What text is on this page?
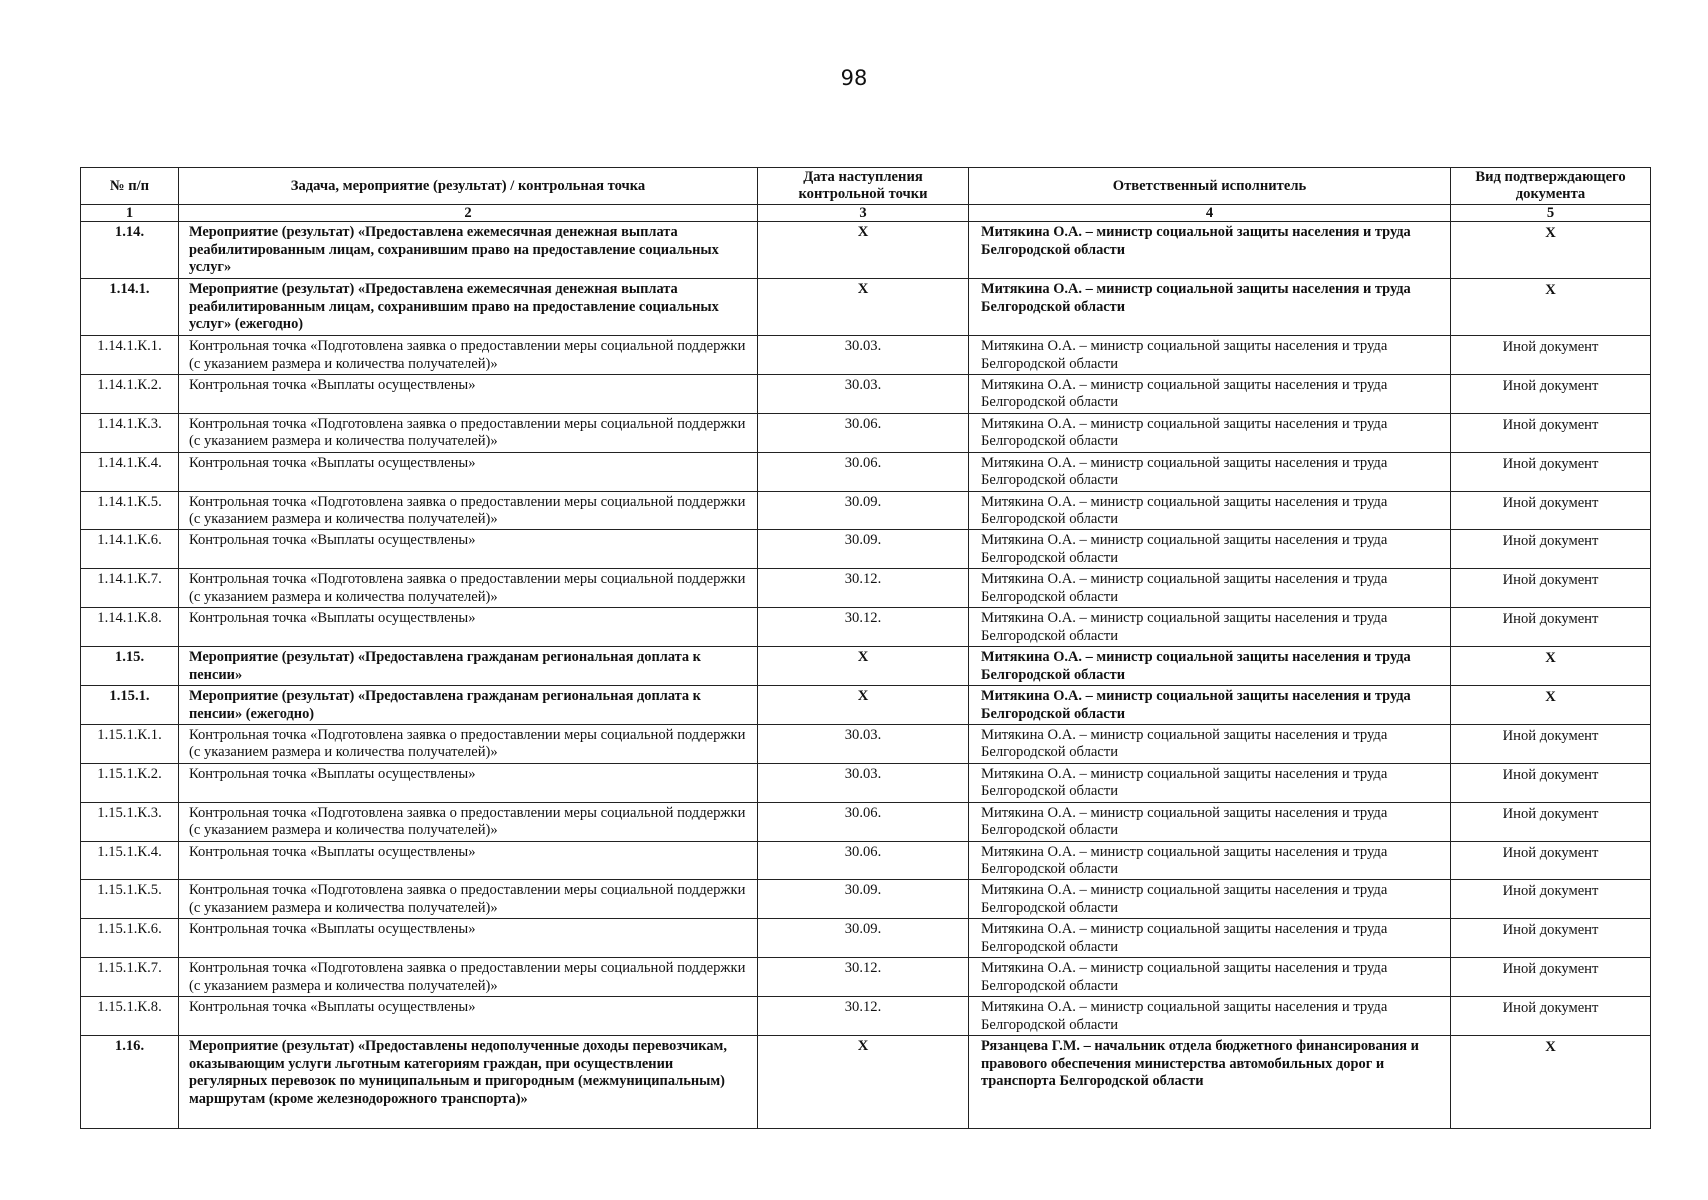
98
№ п/п	Задача, мероприятие (результат) / контрольная точка	Дата наступления контрольной точки	Ответственный исполнитель	Вид подтверждающего документа
1	2	3	4	5
1.14.	Мероприятие (результат) «Предоставлена ежемесячная денежная выплата реабилитированным лицам, сохранившим право на предоставление социальных услуг»	X	Митякина О.А. – министр социальной защиты населения и труда Белгородской области	X
1.14.1.	Мероприятие (результат) «Предоставлена ежемесячная денежная выплата реабилитированным лицам, сохранившим право на предоставление социальных услуг» (ежегодно)	X	Митякина О.А. – министр социальной защиты населения и труда Белгородской области	X
1.14.1.К.1.	Контрольная точка «Подготовлена заявка о предоставлении меры социальной поддержки (с указанием размера и количества получателей)»	30.03.	Митякина О.А. – министр социальной защиты населения и труда Белгородской области	Иной документ
1.14.1.К.2.	Контрольная точка «Выплаты осуществлены»	30.03.	Митякина О.А. – министр социальной защиты населения и труда Белгородской области	Иной документ
1.14.1.К.3.	Контрольная точка «Подготовлена заявка о предоставлении меры социальной поддержки (с указанием размера и количества получателей)»	30.06.	Митякина О.А. – министр социальной защиты населения и труда Белгородской области	Иной документ
1.14.1.К.4.	Контрольная точка «Выплаты осуществлены»	30.06.	Митякина О.А. – министр социальной защиты населения и труда Белгородской области	Иной документ
1.14.1.К.5.	Контрольная точка «Подготовлена заявка о предоставлении меры социальной поддержки (с указанием размера и количества получателей)»	30.09.	Митякина О.А. – министр социальной защиты населения и труда Белгородской области	Иной документ
1.14.1.К.6.	Контрольная точка «Выплаты осуществлены»	30.09.	Митякина О.А. – министр социальной защиты населения и труда Белгородской области	Иной документ
1.14.1.К.7.	Контрольная точка «Подготовлена заявка о предоставлении меры социальной поддержки (с указанием размера и количества получателей)»	30.12.	Митякина О.А. – министр социальной защиты населения и труда Белгородской области	Иной документ
1.14.1.К.8.	Контрольная точка «Выплаты осуществлены»	30.12.	Митякина О.А. – министр социальной защиты населения и труда Белгородской области	Иной документ
1.15.	Мероприятие (результат) «Предоставлена гражданам региональная доплата к пенсии»	X	Митякина О.А. – министр социальной защиты населения и труда Белгородской области	X
1.15.1.	Мероприятие (результат) «Предоставлена гражданам региональная доплата к пенсии» (ежегодно)	X	Митякина О.А. – министр социальной защиты населения и труда Белгородской области	X
1.15.1.К.1.	Контрольная точка «Подготовлена заявка о предоставлении меры социальной поддержки (с указанием размера и количества получателей)»	30.03.	Митякина О.А. – министр социальной защиты населения и труда Белгородской области	Иной документ
1.15.1.К.2.	Контрольная точка «Выплаты осуществлены»	30.03.	Митякина О.А. – министр социальной защиты населения и труда Белгородской области	Иной документ
1.15.1.К.3.	Контрольная точка «Подготовлена заявка о предоставлении меры социальной поддержки (с указанием размера и количества получателей)»	30.06.	Митякина О.А. – министр социальной защиты населения и труда Белгородской области	Иной документ
1.15.1.К.4.	Контрольная точка «Выплаты осуществлены»	30.06.	Митякина О.А. – министр социальной защиты населения и труда Белгородской области	Иной документ
1.15.1.К.5.	Контрольная точка «Подготовлена заявка о предоставлении меры социальной поддержки (с указанием размера и количества получателей)»	30.09.	Митякина О.А. – министр социальной защиты населения и труда Белгородской области	Иной документ
1.15.1.К.6.	Контрольная точка «Выплаты осуществлены»	30.09.	Митякина О.А. – министр социальной защиты населения и труда Белгородской области	Иной документ
1.15.1.К.7.	Контрольная точка «Подготовлена заявка о предоставлении меры социальной поддержки (с указанием размера и количества получателей)»	30.12.	Митякина О.А. – министр социальной защиты населения и труда Белгородской области	Иной документ
1.15.1.К.8.	Контрольная точка «Выплаты осуществлены»	30.12.	Митякина О.А. – министр социальной защиты населения и труда Белгородской области	Иной документ
1.16.	Мероприятие (результат) «Предоставлены недополученные доходы перевозчикам, оказывающим услуги льготным категориям граждан, при осуществлении регулярных перевозок по муниципальным и пригородным (межмуниципальным) маршрутам (кроме железнодорожного транспорта)»	X	Рязанцева Г.М. – начальник отдела бюджетного финансирования и правового обеспечения министерства автомобильных дорог и транспорта Белгородской области	X
